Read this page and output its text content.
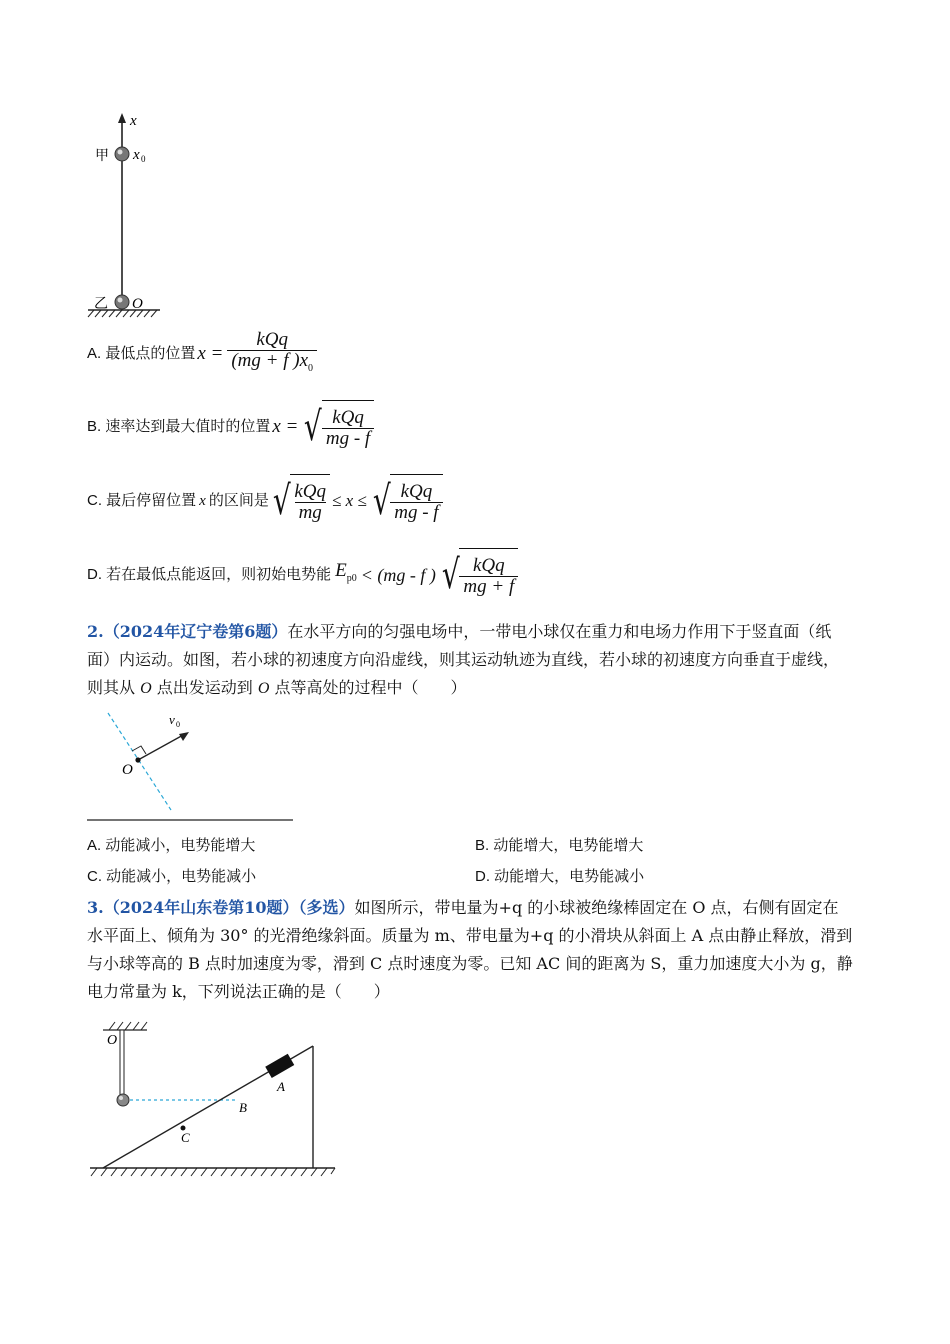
x
甲 x 0
乙 O
A. 最低点的位置 $x = \frac{\text{kQq}}{(mg + f )x_0}$
B. 速率达到最大值时的位置 x = √ $\frac{\text{kQq}}{mg - f}$
C. 最后停留位置 x 的区间是 √ $\frac{\text{kQq}}{mg} \le x$ ≤ √ $\frac{\text{kQq}}{mg - f}$
D. 若在最低点能返回，则初始电势能 $E_{p0} < (mg - f$ ) √ $\frac{\text{kQq}}{mg + f}$
2.（2024年辽宁卷第6题）在水平方向的匀强电场中，一带电小球仅在重力和电场力作用下于竖直面（纸
面）内运动。如图，若小球的初速度方向沿虚线，则其运动轨迹为直线，若小球的初速度方向垂直于虚线，
则其从 O 点出发运动到 O 点等高处的过程中（　　）
v 0
O
A. 动能减小，电势能增大	B. 动能增大，电势能增大
C. 动能减小，电势能减小	D. 动能增大，电势能减小
3.（2024年山东卷第10题）（多选）如图所示，带电量为+q 的小球被绝缘棒固定在 O 点，右侧有固定在
水平面上、倾角为 30° 的光滑绝缘斜面。质量为 m、带电量为+q 的小滑块从斜面上 A 点由静止释放，滑到
与小球等高的 B 点时加速度为零，滑到 C 点时速度为零。已知 AC 间的距离为 S，重力加速度大小为 g，静
电力常量为 k，下列说法正确的是（　　）
O
A
B
C
